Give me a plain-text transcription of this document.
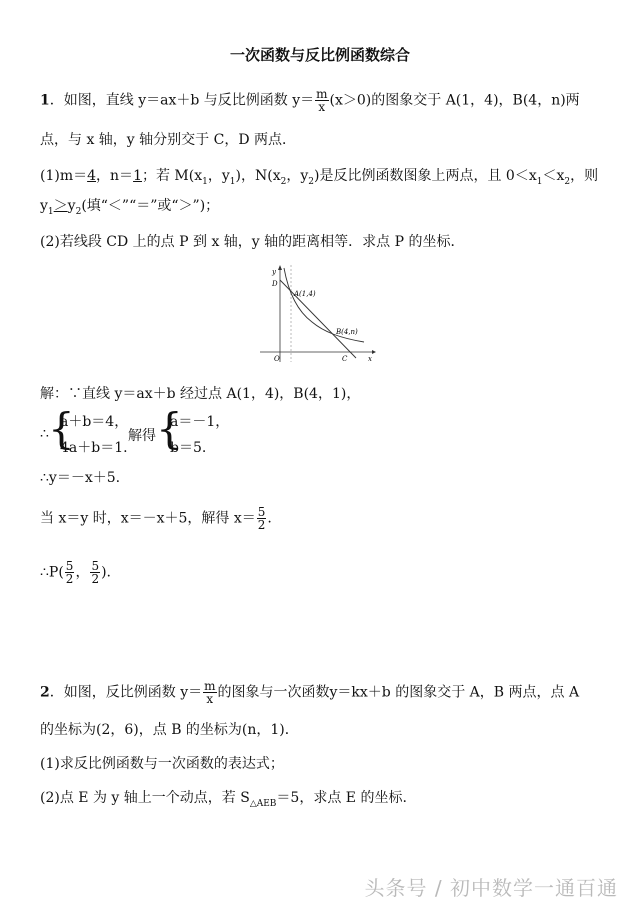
一次函数与反比例函数综合
1．如图，直线 y＝ax＋b 与反比例函数 $y= \frac{m}{x} (x>0)$的图象交于 A(1，4)，B(4，n)两
点，与 x 轴，y 轴分别交于 C，D 两点．
(1)m＝4，n＝1；若 $M(x_1$，$y_1$)，$N(x_2$，$y_2$)是反比例函数图象上两点，且 $0<x_1<x_2$，则
$y_1>y_2$(填“＜”“＝”或“＞”)；
(2)若线段 CD 上的点 P 到 x 轴，y 轴的距离相等．求点 P 的坐标．
y
x
O
D
C
A(1,4)
B(4,n)
解：∵直线 y＝ax＋b 经过点 A(1，4)，B(4，1)，
∴ {
a＋b＝4，
4a＋b＝1.
解得 {
a＝－1，
b＝5.
∴y＝－x＋5.
当 x＝y 时，x＝－x＋5，解得 $x= \frac{5}{2}$ .
∴P( $\frac{5}{2}$ ， $\frac{5}{2}$ ).
2．如图，反比例函数 $y= \frac{m}{x}$ 的图象与一次函数y＝kx＋b 的图象交于 A，B 两点，点 A
的坐标为(2，6)，点 B 的坐标为(n，1)．
(1)求反比例函数与一次函数的表达式；
(2)点 E 为 y 轴上一个动点，若 $S_{\triangle AEB}=5$，求点 E 的坐标.
头条号 / 初中数学一通百通
